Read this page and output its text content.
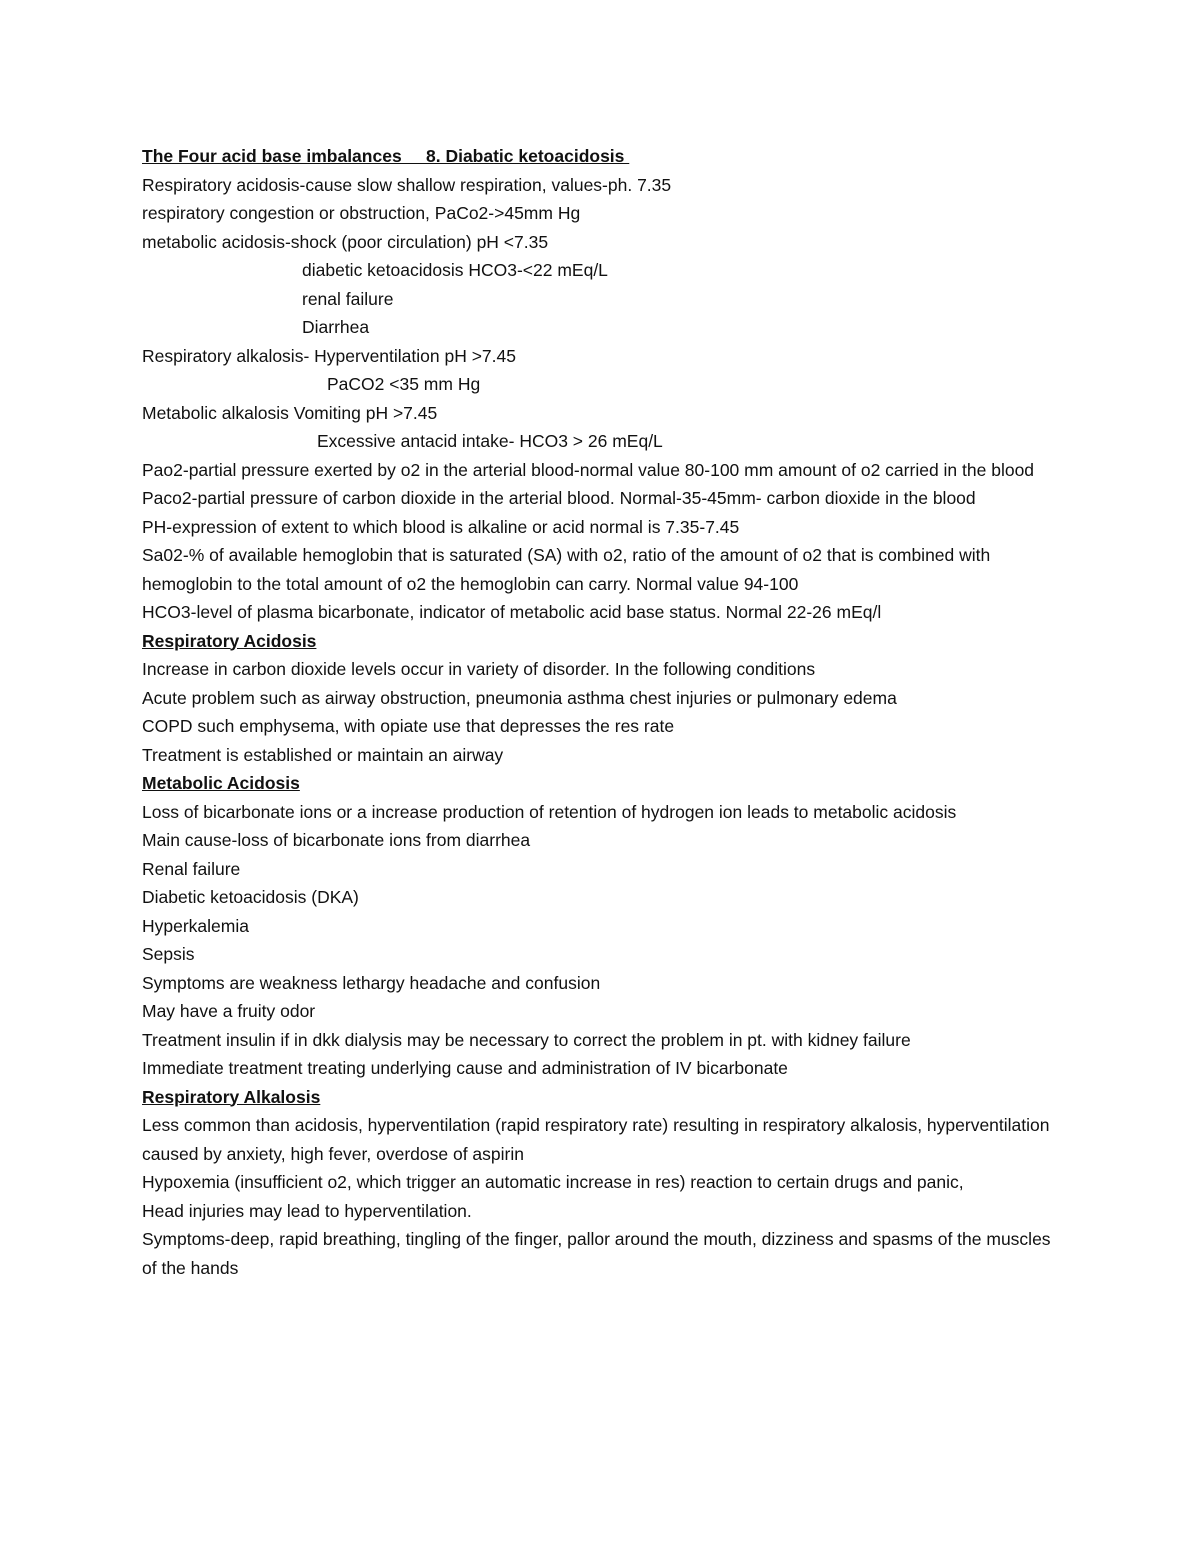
The Four acid base imbalances     8. Diabatic ketoacidosis
Respiratory acidosis-cause slow shallow respiration, values-ph. 7.35
respiratory congestion or obstruction, PaCo2->45mm Hg
metabolic acidosis-shock (poor circulation) pH <7.35
diabetic ketoacidosis HCO3-<22 mEq/L
renal failure
Diarrhea
Respiratory alkalosis- Hyperventilation pH >7.45
PaCO2 <35 mm Hg
Metabolic alkalosis Vomiting pH >7.45
Excessive antacid intake- HCO3 > 26 mEq/L
Pao2-partial pressure exerted by o2 in the arterial blood-normal value 80-100 mm amount of o2 carried in the blood
Paco2-partial pressure of carbon dioxide in the arterial blood. Normal-35-45mm- carbon dioxide in the blood
PH-expression of extent to which blood is alkaline or acid normal is 7.35-7.45
Sa02-% of available hemoglobin that is saturated (SA) with o2, ratio of the amount of o2 that is combined with hemoglobin to the total amount of o2 the hemoglobin can carry. Normal value 94-100
HCO3-level of plasma bicarbonate, indicator of metabolic acid base status. Normal 22-26 mEq/l
Respiratory Acidosis
Increase in carbon dioxide levels occur in variety of disorder. In the following conditions
Acute problem such as airway obstruction, pneumonia asthma chest injuries or pulmonary edema
COPD such emphysema, with opiate use that depresses the res rate
Treatment is established or maintain an airway
Metabolic Acidosis
Loss of bicarbonate ions or a increase production of retention of hydrogen ion leads to metabolic acidosis
Main cause-loss of bicarbonate ions from diarrhea
Renal failure
Diabetic ketoacidosis (DKA)
Hyperkalemia
Sepsis
Symptoms are weakness lethargy headache and confusion
May have a fruity odor
Treatment insulin if in dkk dialysis may be necessary to correct the problem in pt. with kidney failure
Immediate treatment treating underlying cause and administration of IV bicarbonate
Respiratory Alkalosis
Less common than acidosis, hyperventilation (rapid respiratory rate) resulting in respiratory alkalosis, hyperventilation caused by anxiety, high fever, overdose of aspirin
Hypoxemia (insufficient o2, which trigger an automatic increase in res) reaction to certain drugs and panic,
Head injuries may lead to hyperventilation.
Symptoms-deep, rapid breathing, tingling of the finger, pallor around the mouth, dizziness and spasms of the muscles of the hands
